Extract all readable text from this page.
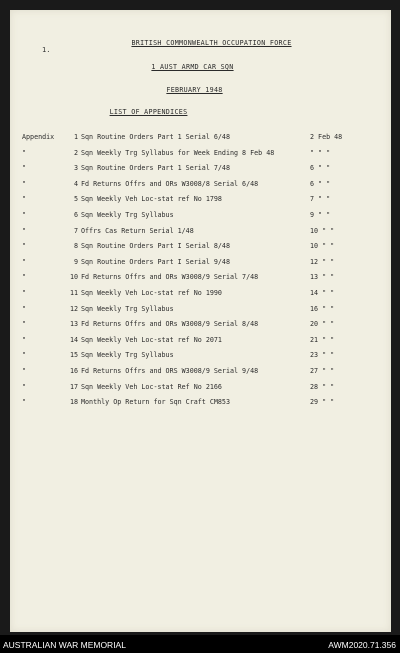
1.
BRITISH COMMONWEALTH OCCUPATION FORCE
1 AUST ARMD CAR SQN
FEBRUARY 1948
LIST OF APPENDICES
Appendix	1 Sqn Routine Orders Part 1 Serial 6/48	2 Feb 48
"	2 Sqn Weekly Trg Syllabus for Week Ending 8 Feb 48	" " "
"	3 Sqn Routine Orders Part 1 Serial 7/48	6 " "
"	4 Fd Returns Offrs and ORs W3008/8 Serial 6/48	6 " "
"	5 Sqn Weekly Veh Loc-stat ref No 1798	7 " "
"	6 Sqn Weekly Trg Syllabus	9 " "
"	7 Offrs Cas Return Serial 1/48	10 " "
"	8 Sqn Routine Orders Part I Serial 8/48	10 " "
"	9 Sqn Routine Orders Part I Serial 9/48	12 " "
"	10 Fd Returns Offrs and ORs W3008/9 Serial 7/48	13 " "
"	11 Sqn Weekly Veh Loc-stat ref No 1990	14 " "
"	12 Sqn Weekly Trg Syllabus	16 " "
"	13 Fd Returns Offrs and ORs W3008/9 Serial 8/48	20 " "
"	14 Sqn Weekly Veh Loc-stat ref No 2071	21 " "
"	15 Sqn Weekly Trg Syllabus	23 " "
"	16 Fd Returns Offrs and ORS W3008/9 Serial 9/48	27 " "
"	17 Sqn Weekly Veh Loc-stat Ref No 2166	28 " "
"	18 Monthly Op Return for Sqn Craft CM853	29 " "
AUSTRALIAN WAR MEMORIAL	AWM2020.71.356
